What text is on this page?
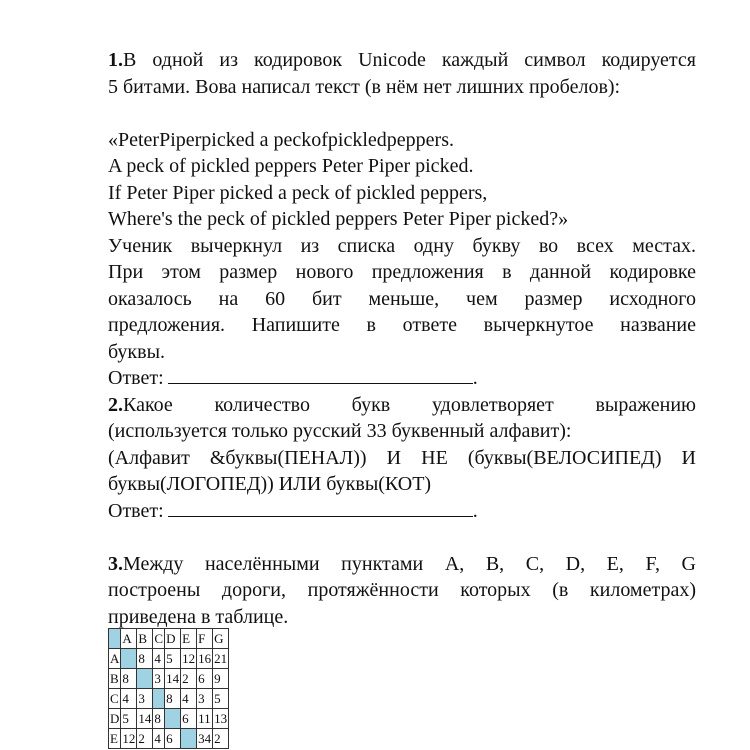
1.В одной из кодировок Unicode каждый символ кодируется
5 битами. Вова написал текст (в нём нет лишних пробелов):
«PeterPiperpicked a peckofpickledpeppers.
A peck of pickled peppers Peter Piper picked.
If Peter Piper picked a peck of pickled peppers,
Where's the peck of pickled peppers Peter Piper picked?»
Ученик вычеркнул из списка одну букву во всех местах.
При этом размер нового предложения в данной кодировке
оказалось на 60 бит меньше, чем размер исходного
предложения. Напишите в ответе вычеркнутое название
буквы.
Ответ:	.
2.Какое количество букв удовлетворяет выражению
(используется только русский 33 буквенный алфавит):
(Алфавит &буквы(ПЕНАЛ)) И НЕ (буквы(ВЕЛОСИПЕД) И
буквы(ЛОГОПЕД)) ИЛИ буквы(КОТ)
Ответ:	.
3.Между населёнными пунктами A, B, C, D, E, F, G
построены дороги, протяжённости которых (в километрах)
приведена в таблице.
	A	B	C	D	E	F	G
A		8	4	5	12	16	21
B	8		3	14	2	6	9
C	4	3		8	4	3	5
D	5	14	8		6	11	13
E	12	2	4	6		34	2
